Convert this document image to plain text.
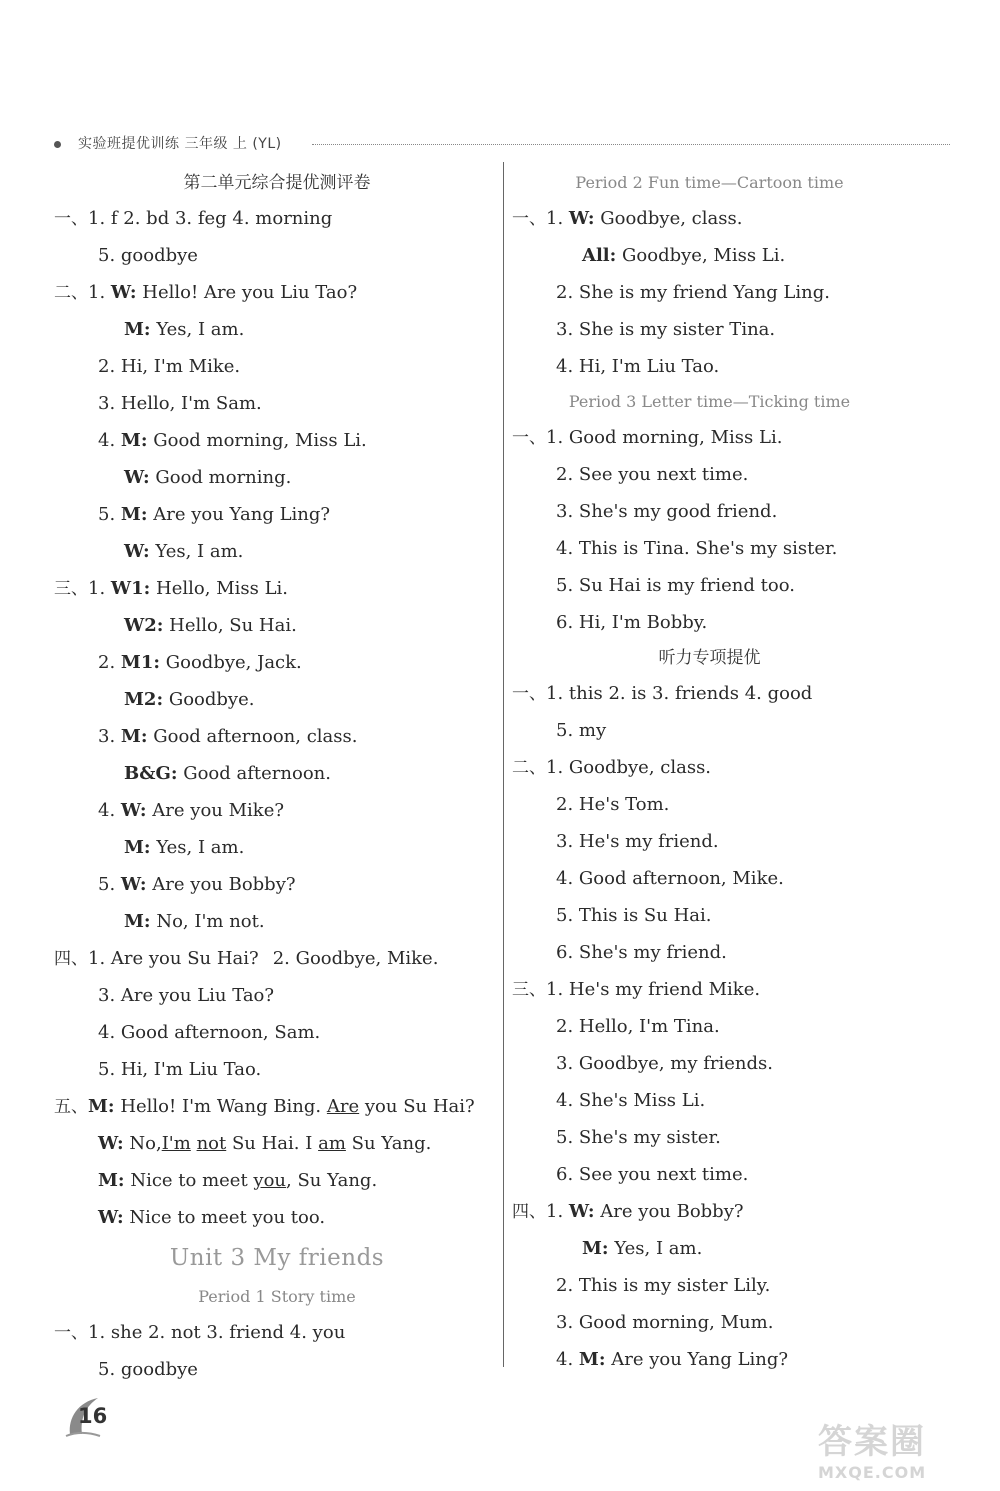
实验班提优训练 三年级 上 (YL)
第二单元综合提优测评卷
一、1. f 2. bd 3. feg 4. morning
5. goodbye
二、1. W: Hello! Are you Liu Tao?
M: Yes, I am.
2. Hi, I'm Mike.
3. Hello, I'm Sam.
4. M: Good morning, Miss Li.
W: Good morning.
5. M: Are you Yang Ling?
W: Yes, I am.
三、1. W1: Hello, Miss Li.
W2: Hello, Su Hai.
2. M1: Goodbye, Jack.
M2: Goodbye.
3. M: Good afternoon, class.
B&G: Good afternoon.
4. W: Are you Mike?
M: Yes, I am.
5. W: Are you Bobby?
M: No, I'm not.
四、1. Are you Su Hai? 2. Goodbye, Mike.
3. Are you Liu Tao?
4. Good afternoon, Sam.
5. Hi, I'm Liu Tao.
五、M: Hello! I'm Wang Bing. Are you Su Hai?
W: No,I'm not Su Hai. I am Su Yang.
M: Nice to meet you, Su Yang.
W: Nice to meet you too.
Unit 3 My friends
Period 1 Story time
一、1. she 2. not 3. friend 4. you
5. goodbye
Period 2 Fun time—Cartoon time
一、1. W: Goodbye, class.
All: Goodbye, Miss Li.
2. She is my friend Yang Ling.
3. She is my sister Tina.
4. Hi, I'm Liu Tao.
Period 3 Letter time—Ticking time
一、1. Good morning, Miss Li.
2. See you next time.
3. She's my good friend.
4. This is Tina. She's my sister.
5. Su Hai is my friend too.
6. Hi, I'm Bobby.
听力专项提优
一、1. this 2. is 3. friends 4. good
5. my
二、1. Goodbye, class.
2. He's Tom.
3. He's my friend.
4. Good afternoon, Mike.
5. This is Su Hai.
6. She's my friend.
三、1. He's my friend Mike.
2. Hello, I'm Tina.
3. Goodbye, my friends.
4. She's Miss Li.
5. She's my sister.
6. See you next time.
四、1. W: Are you Bobby?
M: Yes, I am.
2. This is my sister Lily.
3. Good morning, Mum.
4. M: Are you Yang Ling?
16
答案圈
MXQE.COM
